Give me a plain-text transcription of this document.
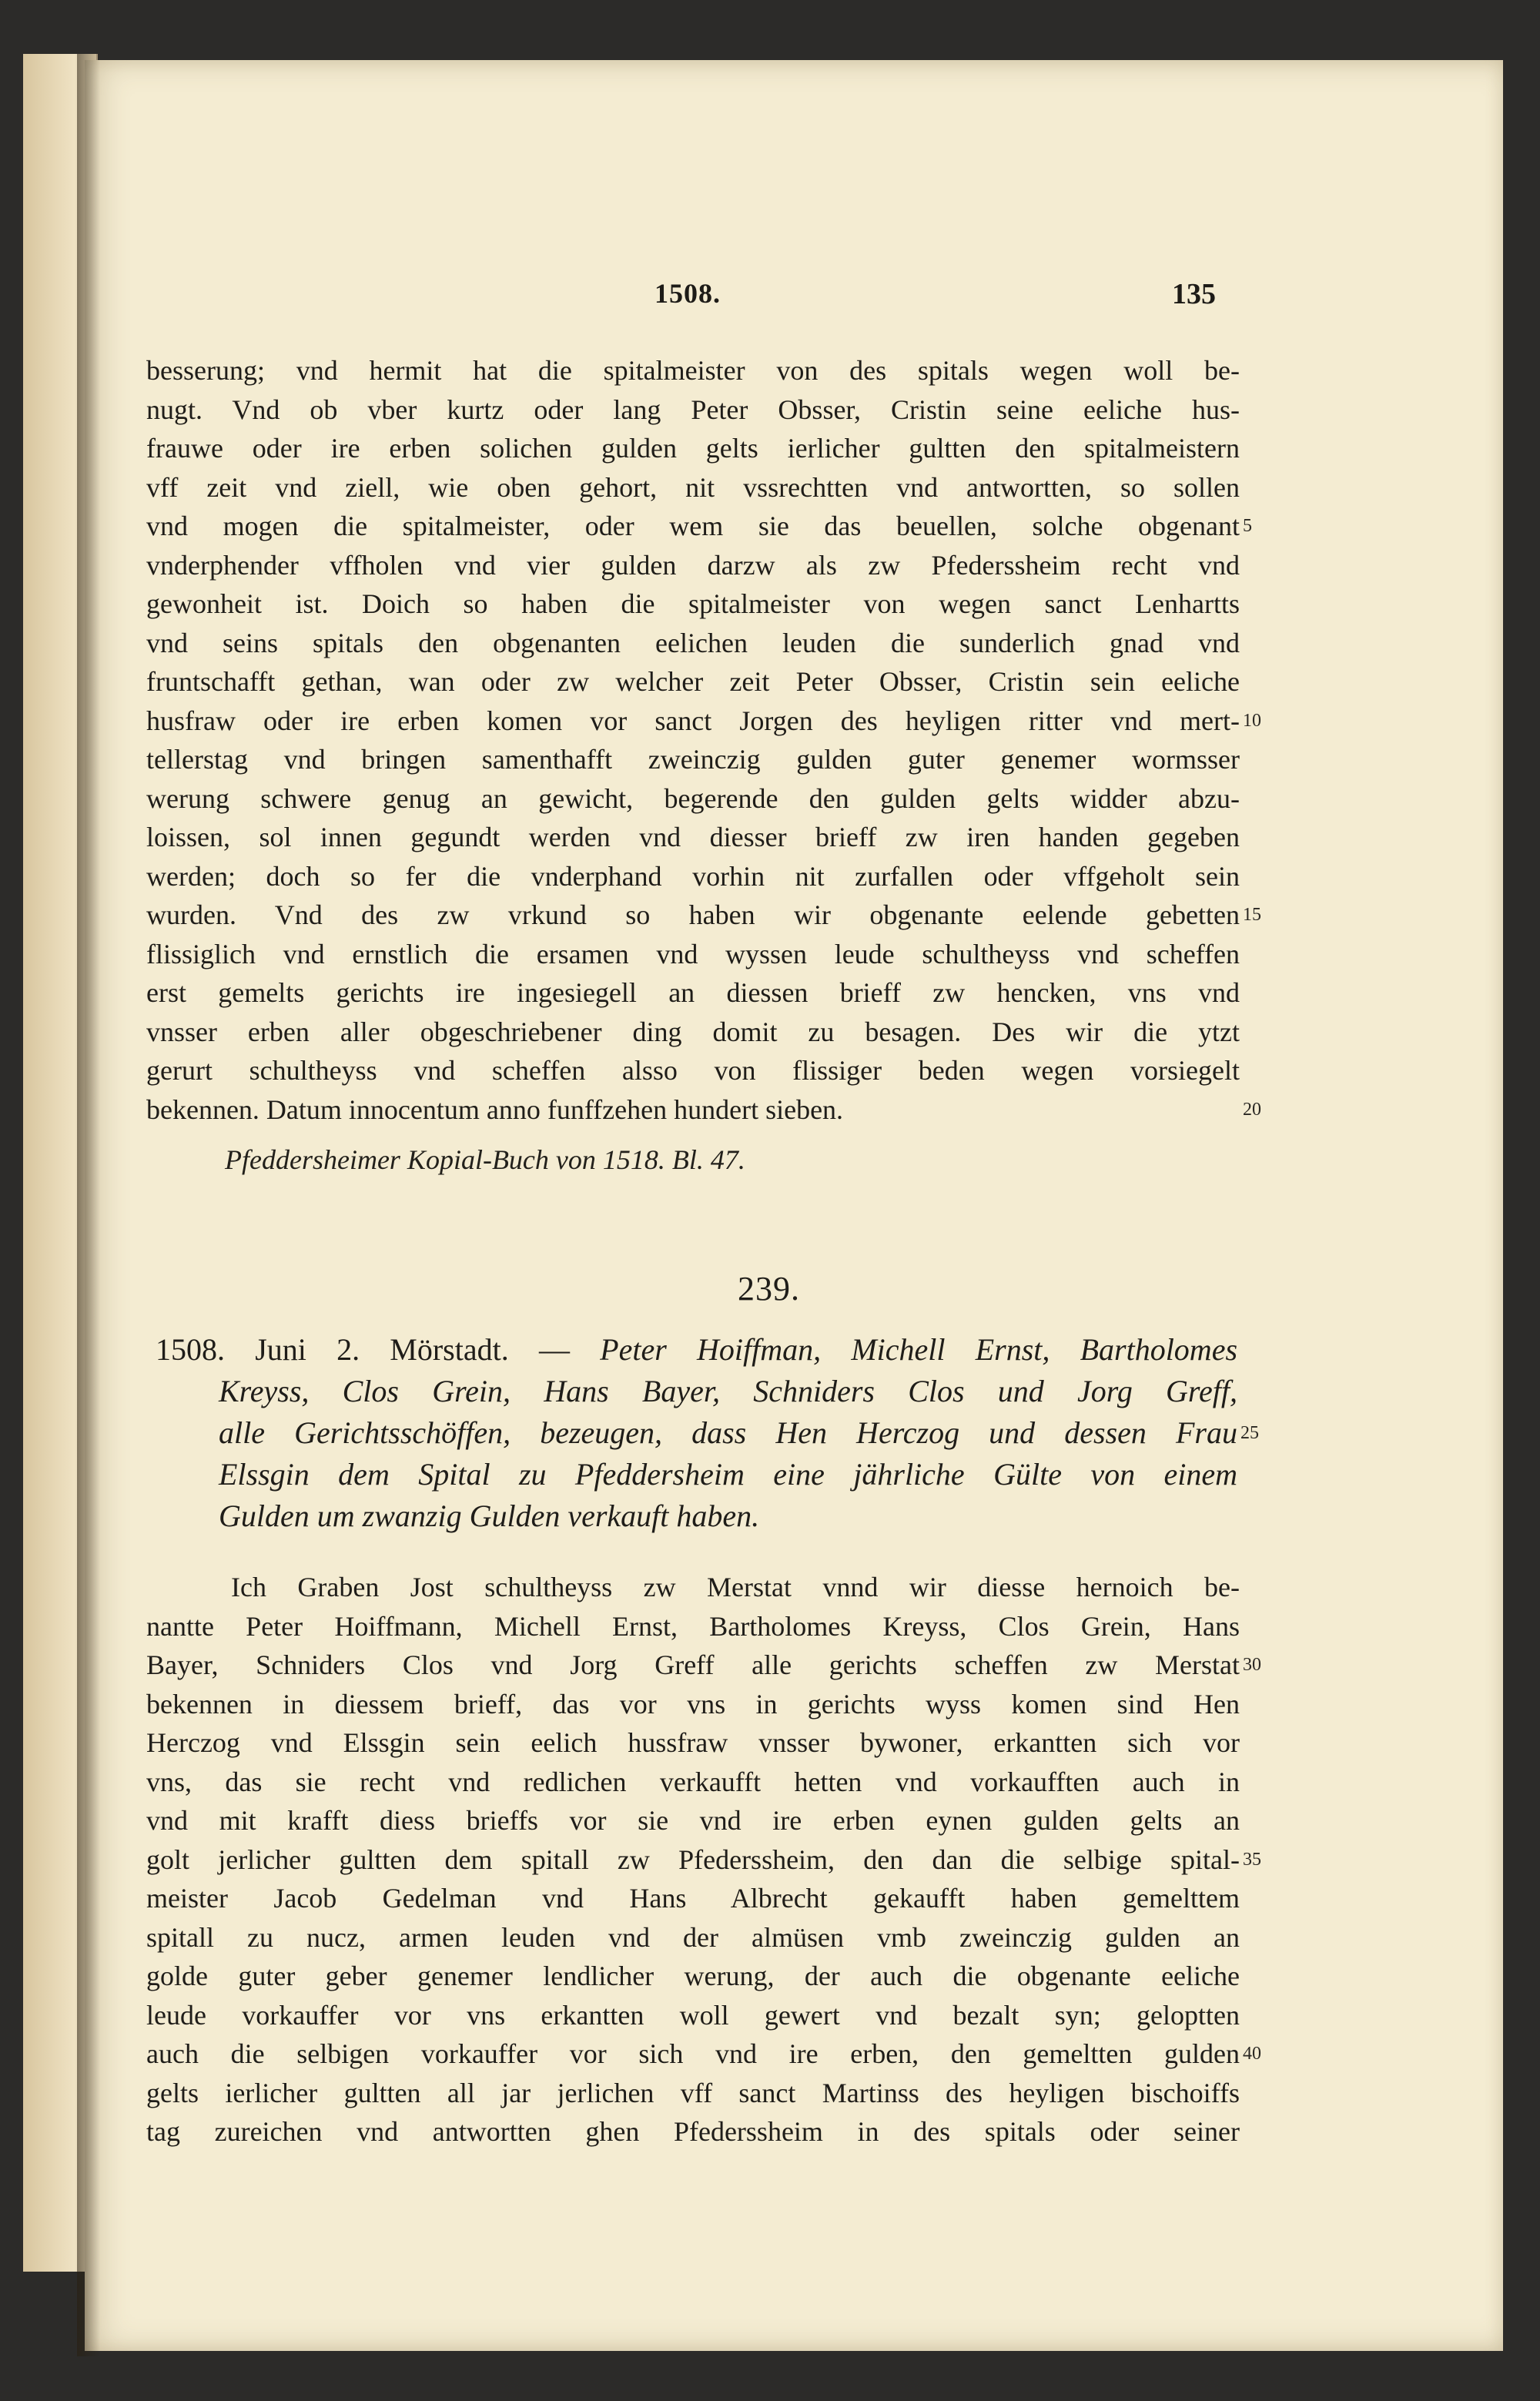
1508.	135
besserung; vnd hermit hat die spitalmeister von des spitals wegen woll be-
nugt. Vnd ob vber kurtz oder lang Peter Obsser, Cristin seine eeliche hus-
frauwe oder ire erben solichen gulden gelts ierlicher gultten den spitalmeistern
vff zeit vnd ziell, wie oben gehort, nit vssrechtten vnd antwortten, so sollen
vnd mogen die spitalmeister, oder wem sie das beuellen, solche obgenant 5
vnderphender vffholen vnd vier gulden darzw als zw Pfederssheim recht vnd
gewonheit ist. Doich so haben die spitalmeister von wegen sanct Lenhartts
vnd seins spitals den obgenanten eelichen leuden die sunderlich gnad vnd
fruntschafft gethan, wan oder zw welcher zeit Peter Obsser, Cristin sein eeliche
husfraw oder ire erben komen vor sanct Jorgen des heyligen ritter vnd mert- 10
tellerstag vnd bringen samenthafft zweinczig gulden guter genemer wormsser
werung schwere genug an gewicht, begerende den gulden gelts widder abzu-
loissen, sol innen gegundt werden vnd diesser brieff zw iren handen gegeben
werden; doch so fer die vnderphand vorhin nit zurfallen oder vffgeholt sein
wurden. Vnd des zw vrkund so haben wir obgenante eelende gebetten 15
flissiglich vnd ernstlich die ersamen vnd wyssen leude schultheyss vnd scheffen
erst gemelts gerichts ire ingesiegell an diessen brieff zw hencken, vns vnd
vnsser erben aller obgeschriebener ding domit zu besagen. Des wir die ytzt
gerurt schultheyss vnd scheffen alsso von flissiger beden wegen vorsiegelt
bekennen. Datum innocentum anno funffzehen hundert sieben.	20
Pfeddersheimer Kopial-Buch von 1518. Bl. 47.
239.
1508. Juni 2. Mörstadt. — Peter Hoiffman, Michell Ernst, Bartholomes
Kreyss, Clos Grein, Hans Bayer, Schniders Clos und Jorg Greff,
alle Gerichtsschöffen, bezeugen, dass Hen Herczog und dessen Frau 25
Elssgin dem Spital zu Pfeddersheim eine jährliche Gülte von einem
Gulden um zwanzig Gulden verkauft haben.
Ich Graben Jost schultheyss zw Merstat vnnd wir diesse hernoich be-
nantte Peter Hoiffmann, Michell Ernst, Bartholomes Kreyss, Clos Grein, Hans
Bayer, Schniders Clos vnd Jorg Greff alle gerichts scheffen zw Merstat 30
bekennen in diessem brieff, das vor vns in gerichts wyss komen sind Hen
Herczog vnd Elssgin sein eelich hussfraw vnsser bywoner, erkantten sich vor
vns, das sie recht vnd redlichen verkaufft hetten vnd vorkaufften auch in
vnd mit krafft diess brieffs vor sie vnd ire erben eynen gulden gelts an
golt jerlicher gultten dem spitall zw Pfederssheim, den dan die selbige spital- 35
meister Jacob Gedelman vnd Hans Albrecht gekaufft haben gemelttem
spitall zu nucz, armen leuden vnd der almüsen vmb zweinczig gulden an
golde guter geber genemer lendlicher werung, der auch die obgenante eeliche
leude vorkauffer vor vns erkantten woll gewert vnd bezalt syn; geloptten
auch die selbigen vorkauffer vor sich vnd ire erben, den gemeltten gulden 40
gelts ierlicher gultten all jar jerlichen vff sanct Martinss des heyligen bischoiffs
tag zureichen vnd antwortten ghen Pfederssheim in des spitals oder seiner
